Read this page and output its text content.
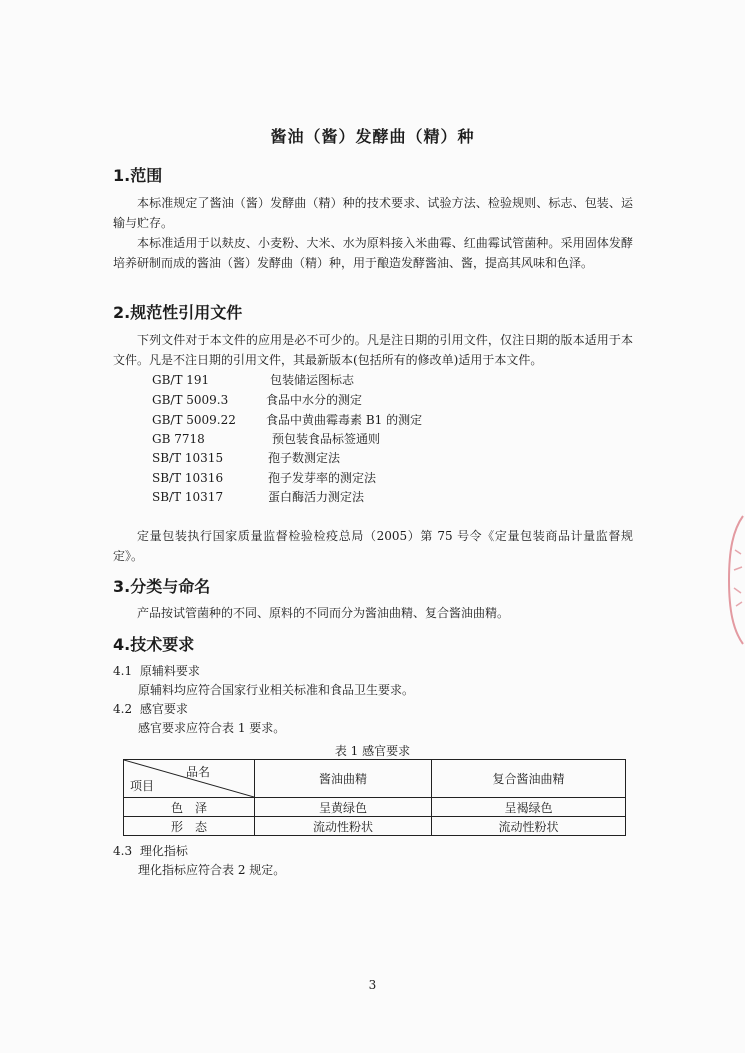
酱油（酱）发酵曲（精）种
1.范围
本标准规定了酱油（酱）发酵曲（精）种的技术要求、试验方法、检验规则、标志、包装、运输与贮存。
本标准适用于以麸皮、小麦粉、大米、水为原料接入米曲霉、红曲霉试管菌种。采用固体发酵培养研制而成的酱油（酱）发酵曲（精）种，用于酿造发酵酱油、酱，提高其风味和色泽。
2.规范性引用文件
下列文件对于本文件的应用是必不可少的。凡是注日期的引用文件，仅注日期的版本适用于本文件。凡是不注日期的引用文件，其最新版本(包括所有的修改单)适用于本文件。
GB/T 191	包装储运图标志
GB/T 5009.3	食品中水分的测定
GB/T 5009.22	食品中黄曲霉毒素 B1 的测定
GB 7718	预包装食品标签通则
SB/T 10315	孢子数测定法
SB/T 10316	孢子发芽率的测定法
SB/T 10317	蛋白酶活力测定法
定量包装执行国家质量监督检验检疫总局（2005）第 75 号令《定量包装商品计量监督规定》。
3.分类与命名
产品按试管菌种的不同、原料的不同而分为酱油曲精、复合酱油曲精。
4.技术要求
4.1 原辅料要求
原辅料均应符合国家行业相关标准和食品卫生要求。
4.2 感官要求
感官要求应符合表 1 要求。
表 1 感官要求
品名
项目	酱油曲精	复合酱油曲精
色　泽	呈黄绿色	呈褐绿色
形　态	流动性粉状	流动性粉状
4.3 理化指标
理化指标应符合表 2 规定。
3
